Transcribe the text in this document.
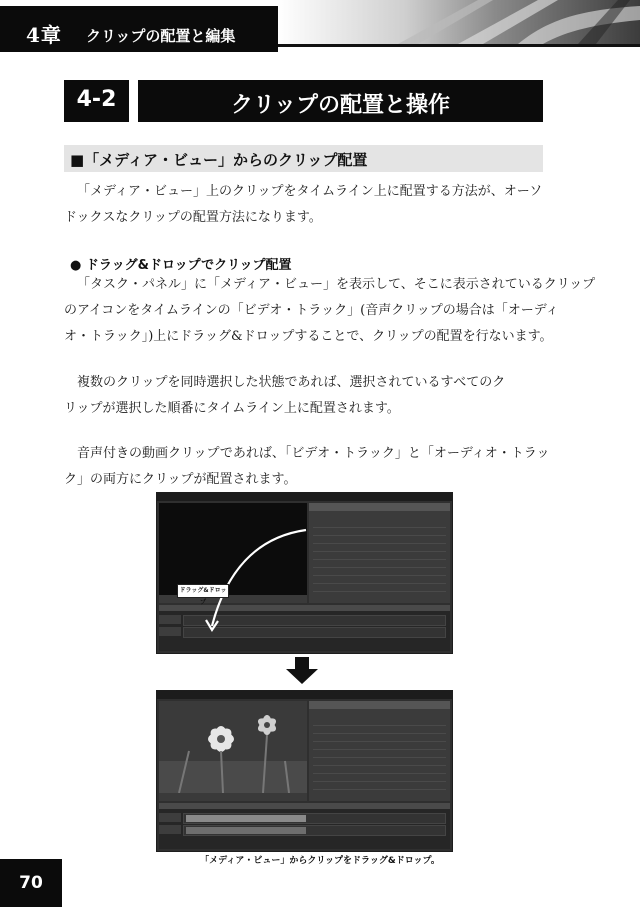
4章 クリップの配置と編集
4-2	クリップの配置と操作
■「メディア・ビュー」からのクリップ配置
「メディア・ビュー」上のクリップをタイムライン上に配置する方法が、オーソ
ドックスなクリップの配置方法になります。
● ドラッグ&ドロップでクリップ配置
「タスク・パネル」に「メディア・ビュー」を表示して、そこに表示されているクリップ
のアイコンをタイムラインの「ビデオ・トラック」(音声クリップの場合は「オーディ
オ・トラック」)上にドラッグ&ドロップすることで、クリップの配置を行ないます。
複数のクリップを同時選択した状態であれば、選択されているすべてのク
リップが選択した順番にタイムライン上に配置されます。
音声付きの動画クリップであれば、「ビデオ・トラック」と「オーディオ・トラッ
ク」の両方にクリップが配置されます。
ドラッグ&ドロップ
「メディア・ビュー」からクリップをドラッグ&ドロップ。
70
